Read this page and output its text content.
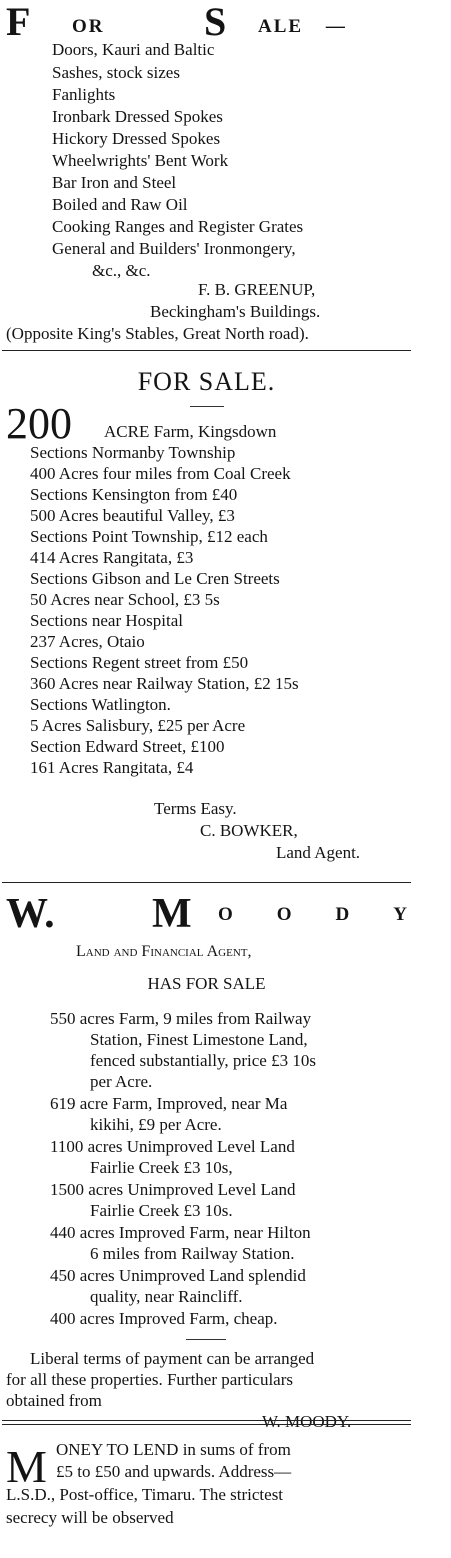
F OR S ALE —
Doors, Kauri and Baltic
Sashes, stock sizes
Fanlights
Ironbark Dressed Spokes
Hickory Dressed Spokes
Wheelwrights' Bent Work
Bar Iron and Steel
Boiled and Raw Oil
Cooking Ranges and Register Grates
General and Builders' Ironmongery,
&c., &c.
F. B. GREENUP,
Beckingham's Buildings.
(Opposite King's Stables, Great North road).
FOR SALE.
200 ACRE Farm, Kingsdown
Sections Normanby Township
400 Acres four miles from Coal Creek
Sections Kensington from £40
500 Acres beautiful Valley, £3
Sections Point Township, £12 each
414 Acres Rangitata, £3
Sections Gibson and Le Cren Streets
50 Acres near School, £3 5s
Sections near Hospital
237 Acres, Otaio
Sections Regent street from £50
360 Acres near Railway Station, £2 15s
Sections Watlington.
5 Acres Salisbury, £25 per Acre
Section Edward Street, £100
161 Acres Rangitata, £4
Terms Easy.
C. BOWKER,
Land Agent.
W. M OODY
Land and Financial Agent,
HAS FOR SALE
550 acres Farm, 9 miles from Railway
Station, Finest Limestone Land,
fenced substantially, price £3 10s
per Acre.
619 acre Farm, Improved, near Ma
kikihi, £9 per Acre.
1100 acres Unimproved Level Land
Fairlie Creek £3 10s,
1500 acres Unimproved Level Land
Fairlie Creek £3 10s.
440 acres Improved Farm, near Hilton
6 miles from Railway Station.
450 acres Unimproved Land splendid
quality, near Raincliff.
400 acres Improved Farm, cheap.
Liberal terms of payment can be arranged
for all these properties. Further particulars
obtained from
W. MOODY.
M ONEY TO LEND in sums of from
£5 to £50 and upwards. Address—
L.S.D., Post-office, Timaru. The strictest
secrecy will be observed
